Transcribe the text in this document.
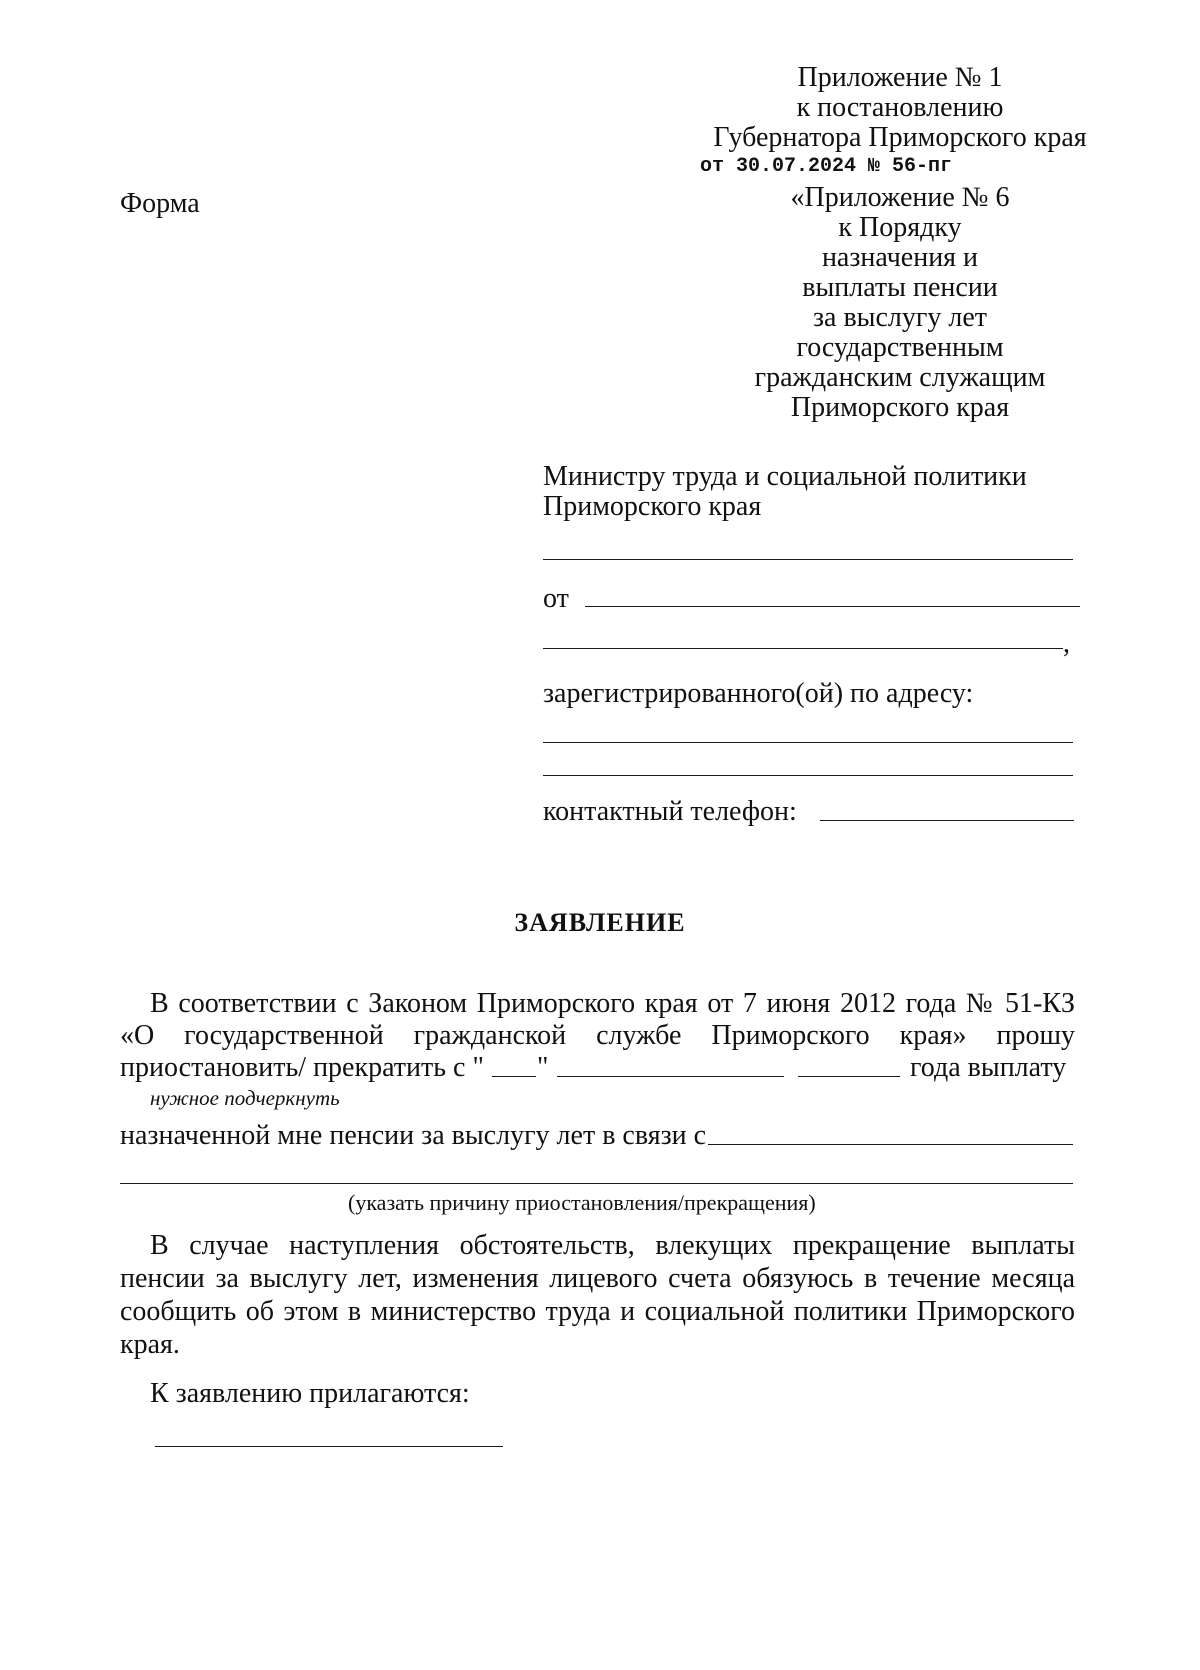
Приложение № 1
к постановлению
Губернатора Приморского края
от 30.07.2024 № 56-пг
«Приложение № 6
к Порядку
назначения и
выплаты пенсии
за выслугу лет
государственным
гражданским служащим
Приморского края
Форма
Министру труда и социальной политики
Приморского края
от
,
зарегистрированного(ой) по адресу:
контактный телефон:
ЗАЯВЛЕНИЕ
В соответствии с Законом Приморского края от 7 июня 2012 года № 51-КЗ
«О государственной гражданской службе Приморского края» прошу
приостановить/ прекратить с " "	года выплату
нужное подчеркнуть
назначенной мне пенсии за выслугу лет в связи с
(указать причину приостановления/прекращения)
В случае наступления обстоятельств, влекущих прекращение выплаты
пенсии за выслугу лет, изменения лицевого счета обязуюсь в течение месяца
сообщить об этом в министерство труда и социальной политики Приморского
края.
К заявлению прилагаются:
